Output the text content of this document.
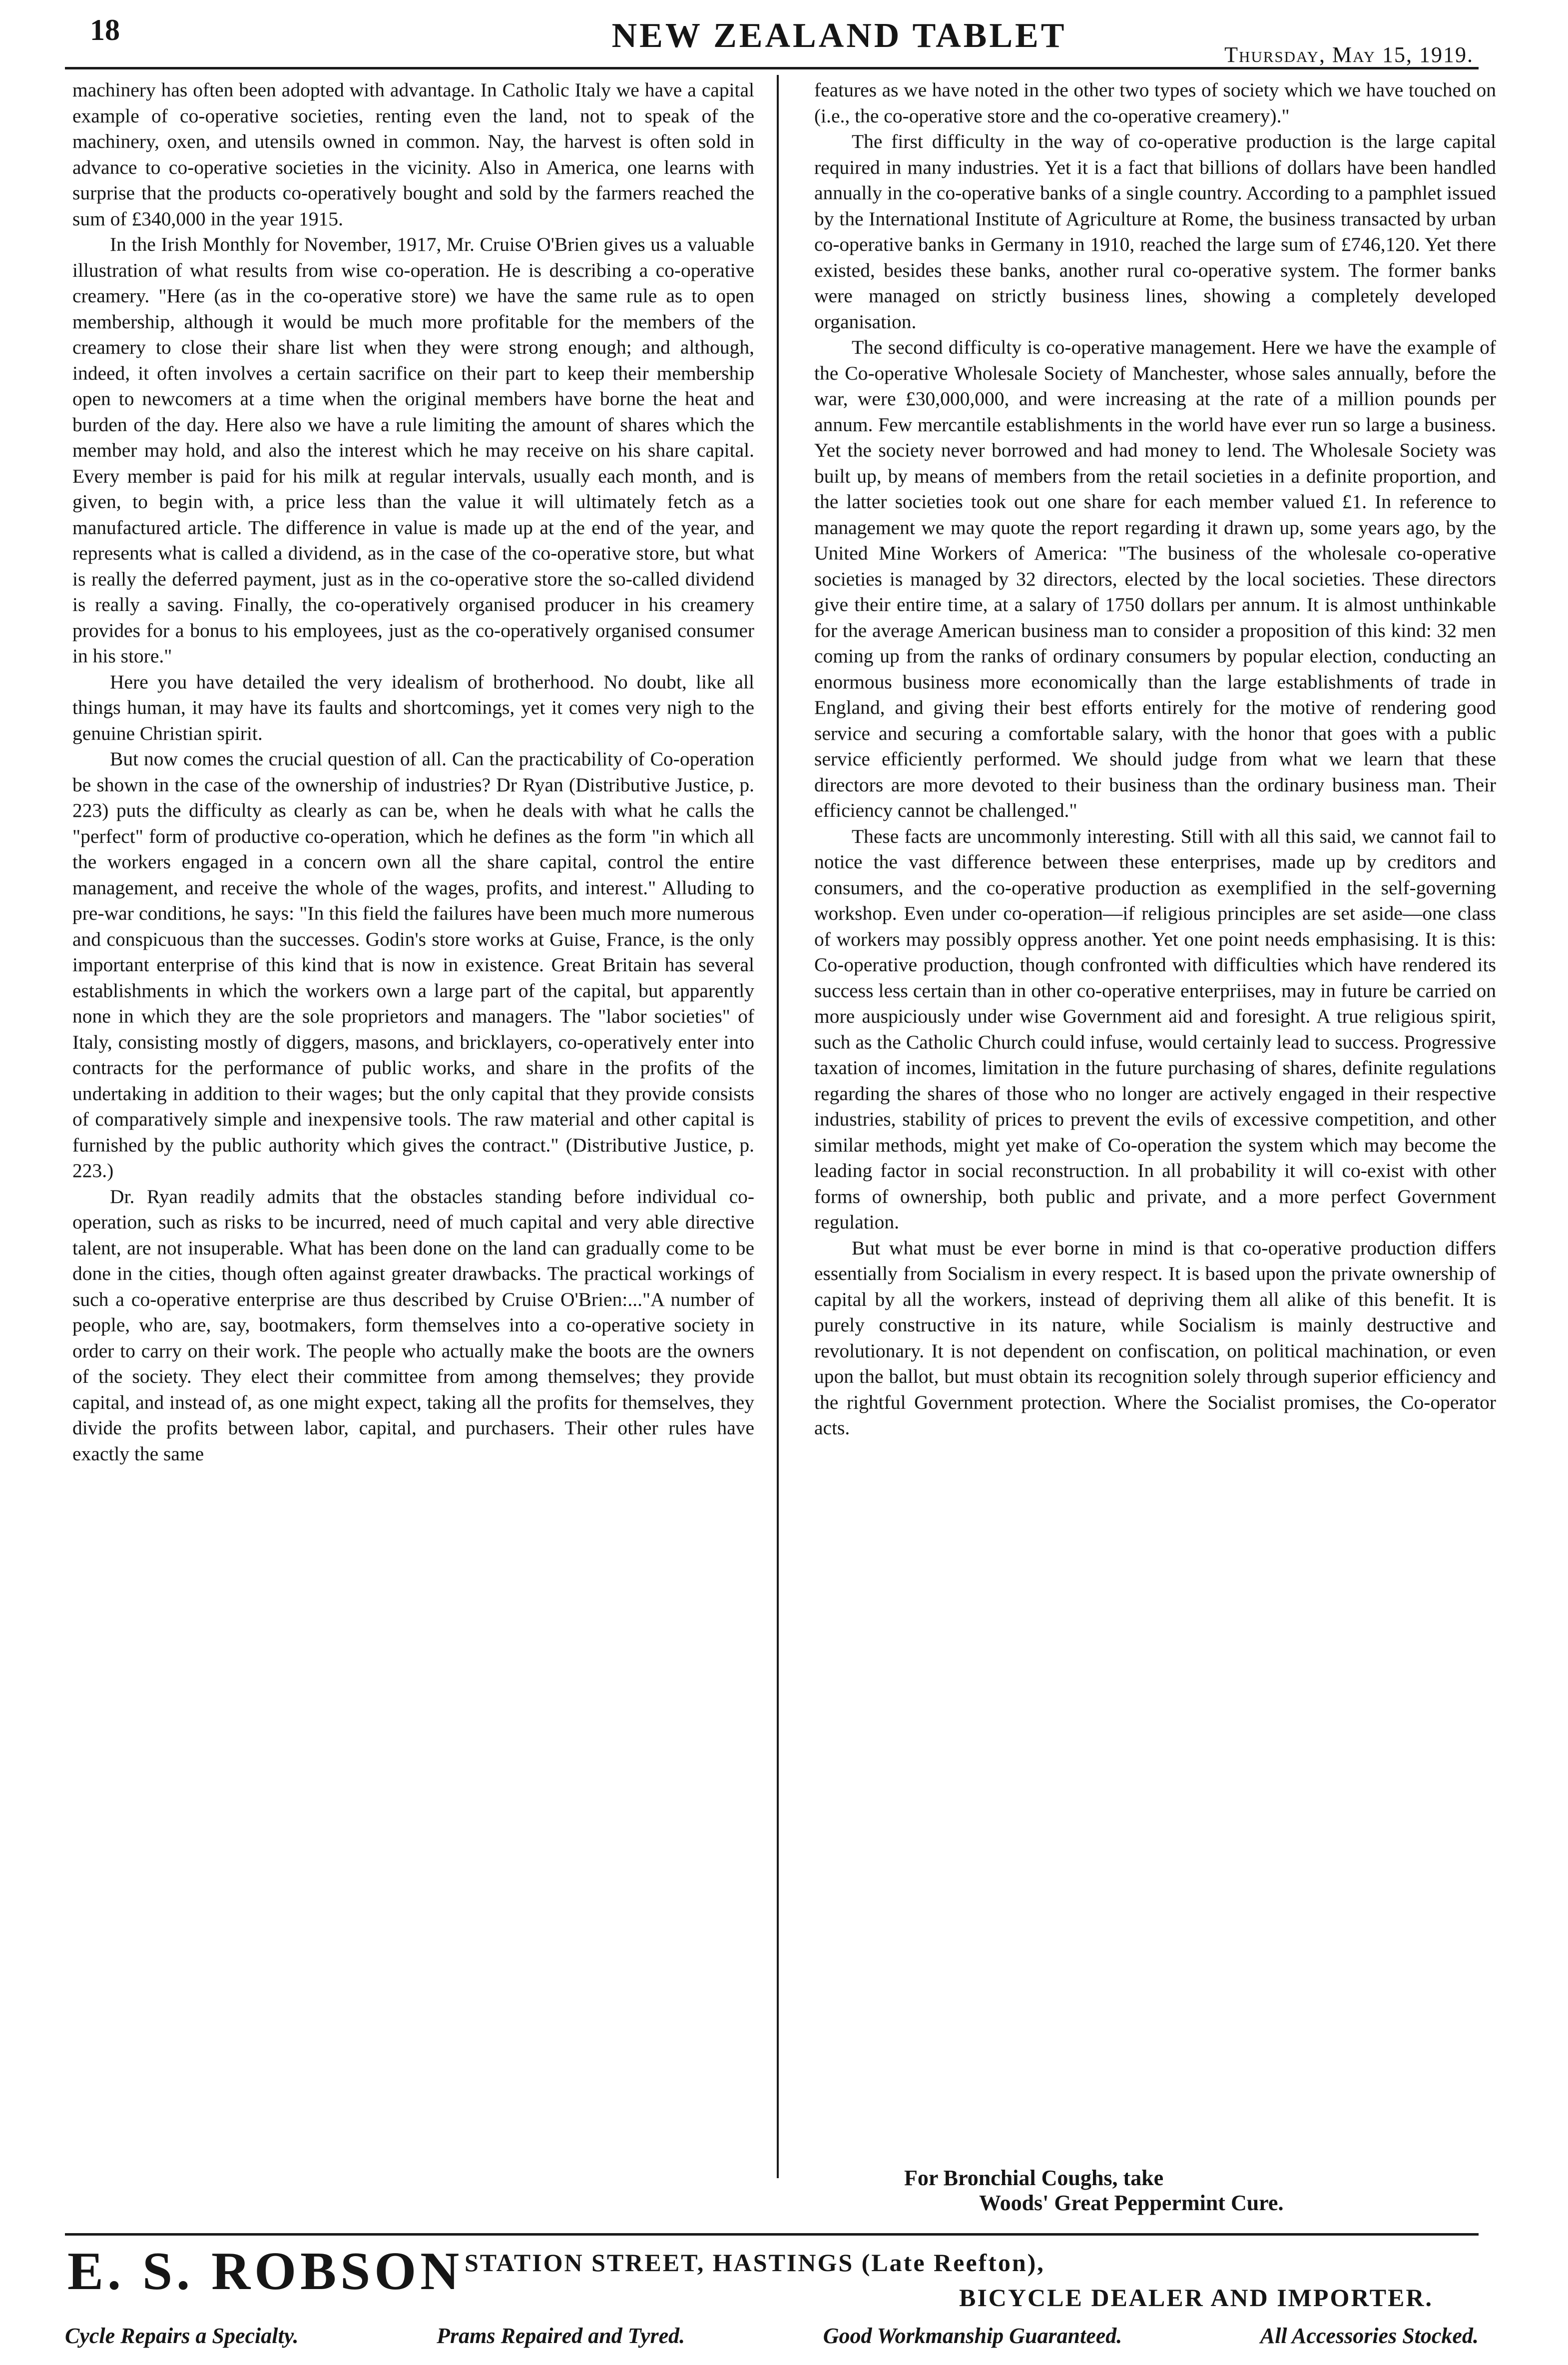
18	NEW ZEALAND TABLET	Thursday, May 15, 1919.

machinery has often been adopted with advantage. In Catholic Italy we have a capital example of co-operative societies, renting even the land, not to speak of the machinery, oxen, and utensils owned in common. Nay, the harvest is often sold in advance to co-operative societies in the vicinity. Also in America, one learns with surprise that the products co-operatively bought and sold by the farmers reached the sum of £340,000 in the year 1915.

In the Irish Monthly for November, 1917, Mr. Cruise O'Brien gives us a valuable illustration of what results from wise co-operation. He is describing a co-operative creamery. "Here (as in the co-operative store) we have the same rule as to open membership, although it would be much more profitable for the members of the creamery to close their share list when they were strong enough; and although, indeed, it often involves a certain sacrifice on their part to keep their membership open to newcomers at a time when the original members have borne the heat and burden of the day. Here also we have a rule limiting the amount of shares which the member may hold, and also the interest which he may receive on his share capital. Every member is paid for his milk at regular intervals, usually each month, and is given, to begin with, a price less than the value it will ultimately fetch as a manufactured article. The difference in value is made up at the end of the year, and represents what is called a dividend, as in the case of the co-operative store, but what is really the deferred payment, just as in the co-operative store the so-called dividend is really a saving. Finally, the co-operatively organised producer in his creamery provides for a bonus to his employees, just as the co-operatively organised consumer in his store."

Here you have detailed the very idealism of brotherhood. No doubt, like all things human, it may have its faults and shortcomings, yet it comes very nigh to the genuine Christian spirit.

But now comes the crucial question of all. Can the practicability of Co-operation be shown in the case of the ownership of industries? Dr Ryan (Distributive Justice, p. 223) puts the difficulty as clearly as can be, when he deals with what he calls the "perfect" form of productive co-operation, which he defines as the form "in which all the workers engaged in a concern own all the share capital, control the entire management, and receive the whole of the wages, profits, and interest." Alluding to pre-war conditions, he says: "In this field the failures have been much more numerous and conspicuous than the successes. Godin's store works at Guise, France, is the only important enterprise of this kind that is now in existence. Great Britain has several establishments in which the workers own a large part of the capital, but apparently none in which they are the sole proprietors and managers. The "labor societies" of Italy, consisting mostly of diggers, masons, and bricklayers, co-operatively enter into contracts for the performance of public works, and share in the profits of the undertaking in addition to their wages; but the only capital that they provide consists of comparatively simple and inexpensive tools. The raw material and other capital is furnished by the public authority which gives the contract." (Distributive Justice, p. 223.)

Dr. Ryan readily admits that the obstacles standing before individual co-operation, such as risks to be incurred, need of much capital and very able directive talent, are not insuperable. What has been done on the land can gradually come to be done in the cities, though often against greater drawbacks. The practical workings of such a co-operative enterprise are thus described by Cruise O'Brien:..."A number of people, who are, say, bootmakers, form themselves into a co-operative society in order to carry on their work. The people who actually make the boots are the owners of the society. They elect their committee from among themselves; they provide capital, and instead of, as one might expect, taking all the profits for themselves, they divide the profits between labor, capital, and purchasers. Their other rules have exactly the same

features as we have noted in the other two types of society which we have touched on (i.e., the co-operative store and the co-operative creamery)."

The first difficulty in the way of co-operative production is the large capital required in many industries. Yet it is a fact that billions of dollars have been handled annually in the co-operative banks of a single country. According to a pamphlet issued by the International Institute of Agriculture at Rome, the business transacted by urban co-operative banks in Germany in 1910, reached the large sum of £746,120. Yet there existed, besides these banks, another rural co-operative system. The former banks were managed on strictly business lines, showing a completely developed organisation.

The second difficulty is co-operative management. Here we have the example of the Co-operative Wholesale Society of Manchester, whose sales annually, before the war, were £30,000,000, and were increasing at the rate of a million pounds per annum. Few mercantile establishments in the world have ever run so large a business. Yet the society never borrowed and had money to lend. The Wholesale Society was built up, by means of members from the retail societies in a definite proportion, and the latter societies took out one share for each member valued £1. In reference to management we may quote the report regarding it drawn up, some years ago, by the United Mine Workers of America: "The business of the wholesale co-operative societies is managed by 32 directors, elected by the local societies. These directors give their entire time, at a salary of 1750 dollars per annum. It is almost unthinkable for the average American business man to consider a proposition of this kind: 32 men coming up from the ranks of ordinary consumers by popular election, conducting an enormous business more economically than the large establishments of trade in England, and giving their best efforts entirely for the motive of rendering good service and securing a comfortable salary, with the honor that goes with a public service efficiently performed. We should judge from what we learn that these directors are more devoted to their business than the ordinary business man. Their efficiency cannot be challenged."

These facts are uncommonly interesting. Still with all this said, we cannot fail to notice the vast difference between these enterprises, made up by creditors and consumers, and the co-operative production as exemplified in the self-governing workshop. Even under co-operation—if religious principles are set aside—one class of workers may possibly oppress another. Yet one point needs emphasising. It is this: Co-operative production, though confronted with difficulties which have rendered its success less certain than in other co-operative enterpriises, may in future be carried on more auspiciously under wise Government aid and foresight. A true religious spirit, such as the Catholic Church could infuse, would certainly lead to success. Progressive taxation of incomes, limitation in the future purchasing of shares, definite regulations regarding the shares of those who no longer are actively engaged in their respective industries, stability of prices to prevent the evils of excessive competition, and other similar methods, might yet make of Co-operation the system which may become the leading factor in social reconstruction. In all probability it will co-exist with other forms of ownership, both public and private, and a more perfect Government regulation.

But what must be ever borne in mind is that co-operative production differs essentially from Socialism in every respect. It is based upon the private ownership of capital by all the workers, instead of depriving them all alike of this benefit. It is purely constructive in its nature, while Socialism is mainly destructive and revolutionary. It is not dependent on confiscation, on political machination, or even upon the ballot, but must obtain its recognition solely through superior efficiency and the rightful Government protection. Where the Socialist promises, the Co-operator acts.

For Bronchial Coughs, take
Woods' Great Peppermint Cure.
E. S. ROBSON STATION STREET, HASTINGS (Late Reefton),
BICYCLE DEALER AND IMPORTER.
Cycle Repairs a Specialty.	Prams Repaired and Tyred.	Good Workmanship Guaranteed.	All Accessories Stocked.
